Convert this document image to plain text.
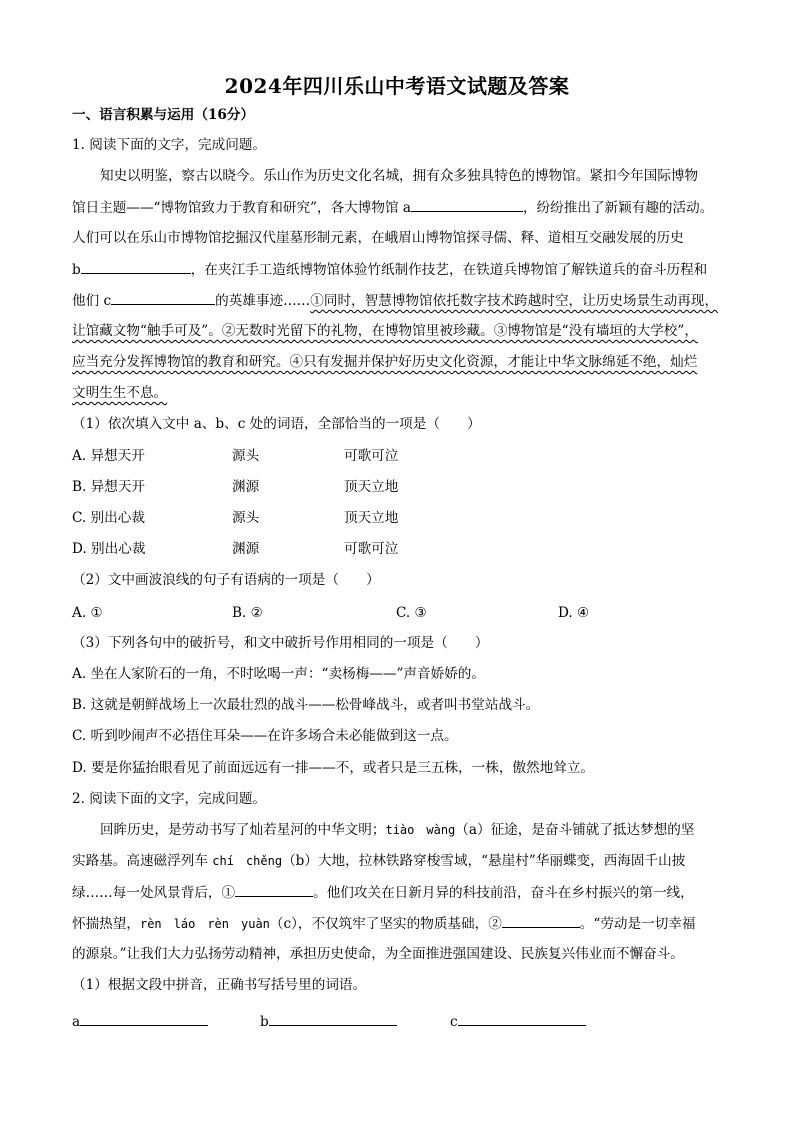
2024年四川乐山中考语文试题及答案
一、语言积累与运用（16分）
1. 阅读下面的文字，完成问题。
知史以明鉴，察古以晓今。乐山作为历史文化名城，拥有众多独具特色的博物馆。紧扣今年国际博物
馆日主题——“博物馆致力于教育和研究”，各大博物馆 a	，纷纷推出了新颖有趣的活动。
人们可以在乐山市博物馆挖掘汉代崖墓形制元素，在峨眉山博物馆探寻儒、释、道相互交融发展的历史
b	，在夹江手工造纸博物馆体验竹纸制作技艺，在铁道兵博物馆了解铁道兵的奋斗历程和
他们 c	的英雄事迹……①同时，智慧博物馆依托数字技术跨越时空，让历史场景生动再现，
让馆藏文物“触手可及”。②无数时光留下的礼物，在博物馆里被珍藏。③博物馆是“没有墙垣的大学校”，
应当充分发挥博物馆的教育和研究。④只有发掘并保护好历史文化资源，才能让中华文脉绵延不绝，灿烂
文明生生不息。
（1）依次填入文中 a、b、c 处的词语，全部恰当的一项是（　　）
A. 异想天开	源头	可歌可泣
B. 异想天开	渊源	顶天立地
C. 别出心裁	源头	顶天立地
D. 别出心裁	渊源	可歌可泣
（2）文中画波浪线的句子有语病的一项是（　　）
A. ①	B. ②	C. ③	D. ④
（3）下列各句中的破折号，和文中破折号作用相同的一项是（　　）
A. 坐在人家阶石的一角，不时吆喝一声：“卖杨梅——”声音娇娇的。
B. 这就是朝鲜战场上一次最壮烈的战斗——松骨峰战斗，或者叫书堂站战斗。
C. 听到吵闹声不必捂住耳朵——在许多场合未必能做到这一点。
D. 要是你猛抬眼看见了前面远远有一排——不，或者只是三五株，一株，傲然地耸立。
2. 阅读下面的文字，完成问题。
回眸历史，是劳动书写了灿若星河的中华文明；tiào　wàng（a）征途，是奋斗铺就了抵达梦想的坚
实路基。高速磁浮列车 chí　chěng（b）大地，拉林铁路穿梭雪域，“悬崖村”华丽蝶变，西海固千山披
绿……每一处风景背后，①	。他们攻关在日新月异的科技前沿，奋斗在乡村振兴的第一线，
怀揣热望，rèn　láo　rèn　yuàn（c），不仅筑牢了坚实的物质基础，②	。“劳动是一切幸福
的源泉。”让我们大力弘扬劳动精神，承担历史使命，为全面推进强国建设、民族复兴伟业而不懈奋斗。
（1）根据文段中拼音，正确书写括号里的词语。
a	b	c
